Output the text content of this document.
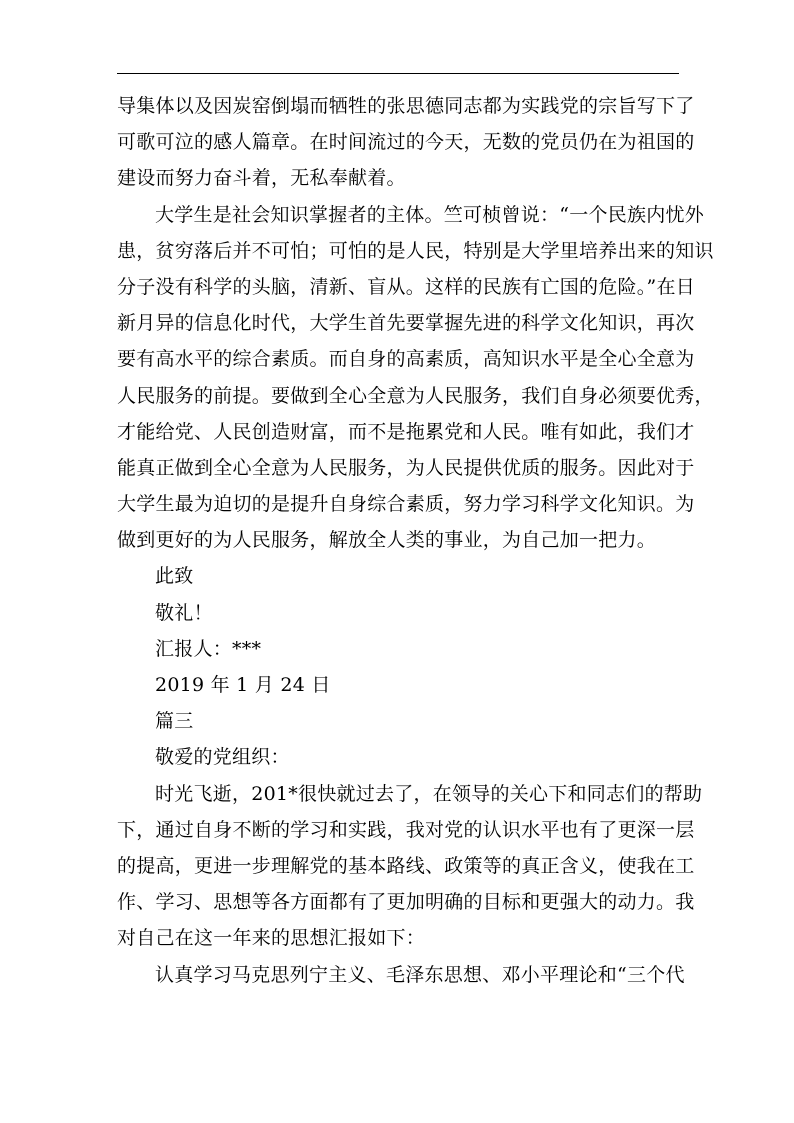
导集体以及因炭窑倒塌而牺牲的张思德同志都为实践党的宗旨写下了
可歌可泣的感人篇章。在时间流过的今天，无数的党员仍在为祖国的
建设而努力奋斗着，无私奉献着。
大学生是社会知识掌握者的主体。竺可桢曾说：“一个民族内忧外
患，贫穷落后并不可怕；可怕的是人民，特别是大学里培养出来的知识
分子没有科学的头脑，清新、盲从。这样的民族有亡国的危险。”在日
新月异的信息化时代，大学生首先要掌握先进的科学文化知识，再次
要有高水平的综合素质。而自身的高素质，高知识水平是全心全意为
人民服务的前提。要做到全心全意为人民服务，我们自身必须要优秀，
才能给党、人民创造财富，而不是拖累党和人民。唯有如此，我们才
能真正做到全心全意为人民服务，为人民提供优质的服务。因此对于
大学生最为迫切的是提升自身综合素质，努力学习科学文化知识。为
做到更好的为人民服务，解放全人类的事业，为自己加一把力。
此致
敬礼！
汇报人：***
2019 年 1 月 24 日
篇三
敬爱的党组织：
时光飞逝，201*很快就过去了，在领导的关心下和同志们的帮助
下，通过自身不断的学习和实践，我对党的认识水平也有了更深一层
的提高，更进一步理解党的基本路线、政策等的真正含义，使我在工
作、学习、思想等各方面都有了更加明确的目标和更强大的动力。我
对自己在这一年来的思想汇报如下：
认真学习马克思列宁主义、毛泽东思想、邓小平理论和“三个代
